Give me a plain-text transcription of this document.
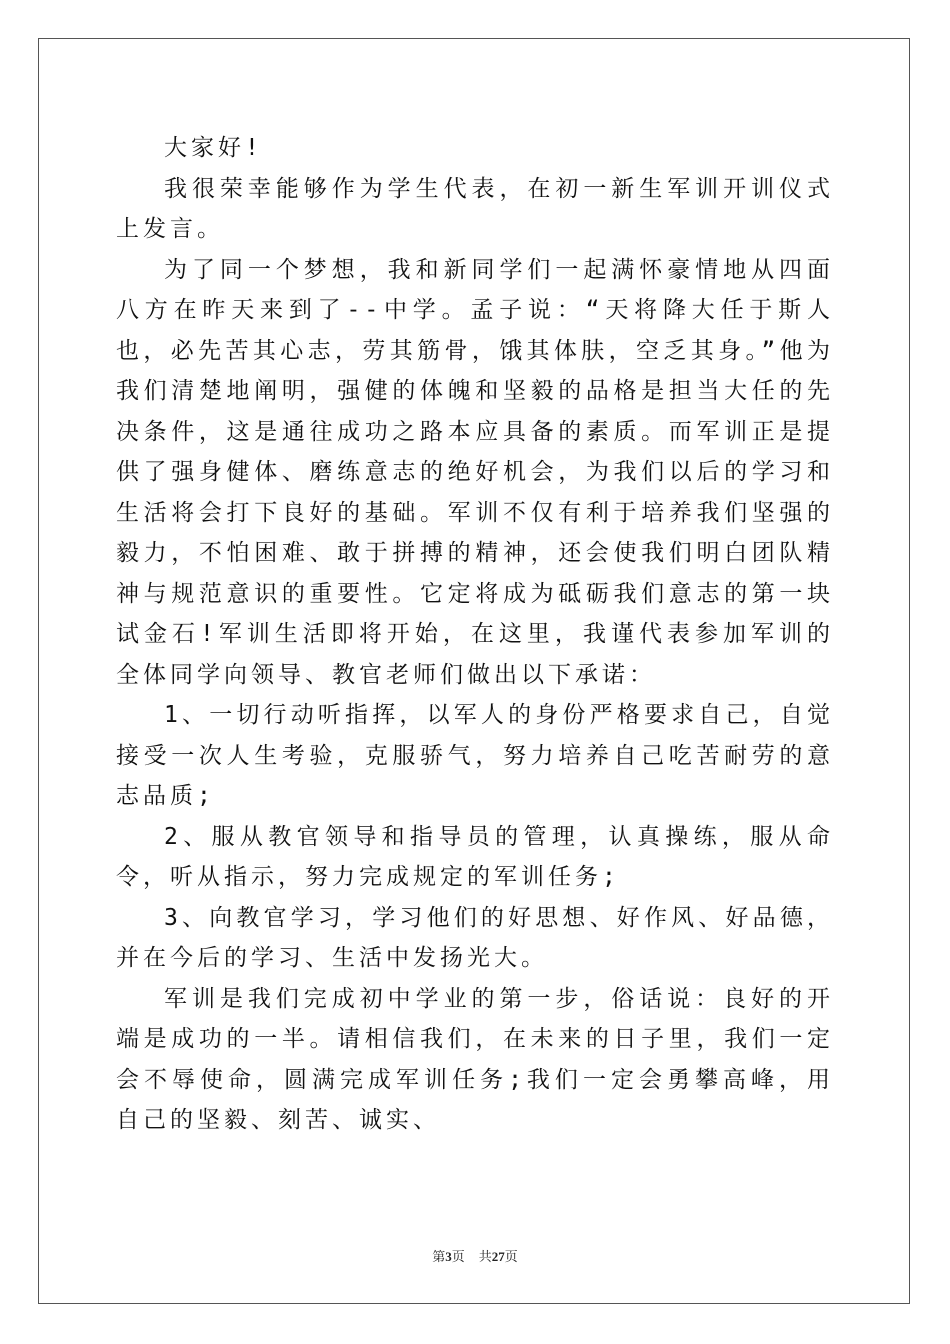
大家好!

我很荣幸能够作为学生代表，在初一新生军训开训仪式上发言。

为了同一个梦想，我和新同学们一起满怀豪情地从四面八方在昨天来到了--中学。孟子说：“天将降大任于斯人也，必先苦其心志，劳其筋骨，饿其体肤，空乏其身。”他为我们清楚地阐明，强健的体魄和坚毅的品格是担当大任的先决条件，这是通往成功之路本应具备的素质。而军训正是提供了强身健体、磨练意志的绝好机会，为我们以后的学习和生活将会打下良好的基础。军训不仅有利于培养我们坚强的毅力，不怕困难、敢于拼搏的精神，还会使我们明白团队精神与规范意识的重要性。它定将成为砥砺我们意志的第一块试金石!军训生活即将开始，在这里，我谨代表参加军训的全体同学向领导、教官老师们做出以下承诺：

1、一切行动听指挥，以军人的身份严格要求自己，自觉接受一次人生考验，克服骄气，努力培养自己吃苦耐劳的意志品质;

2、服从教官领导和指导员的管理，认真操练，服从命令，听从指示，努力完成规定的军训任务;

3、向教官学习，学习他们的好思想、好作风、好品德，并在今后的学习、生活中发扬光大。

军训是我们完成初中学业的第一步，俗话说：良好的开端是成功的一半。请相信我们，在未来的日子里，我们一定会不辱使命，圆满完成军训任务;我们一定会勇攀高峰，用自己的坚毅、刻苦、诚实、

第3页 共27页
